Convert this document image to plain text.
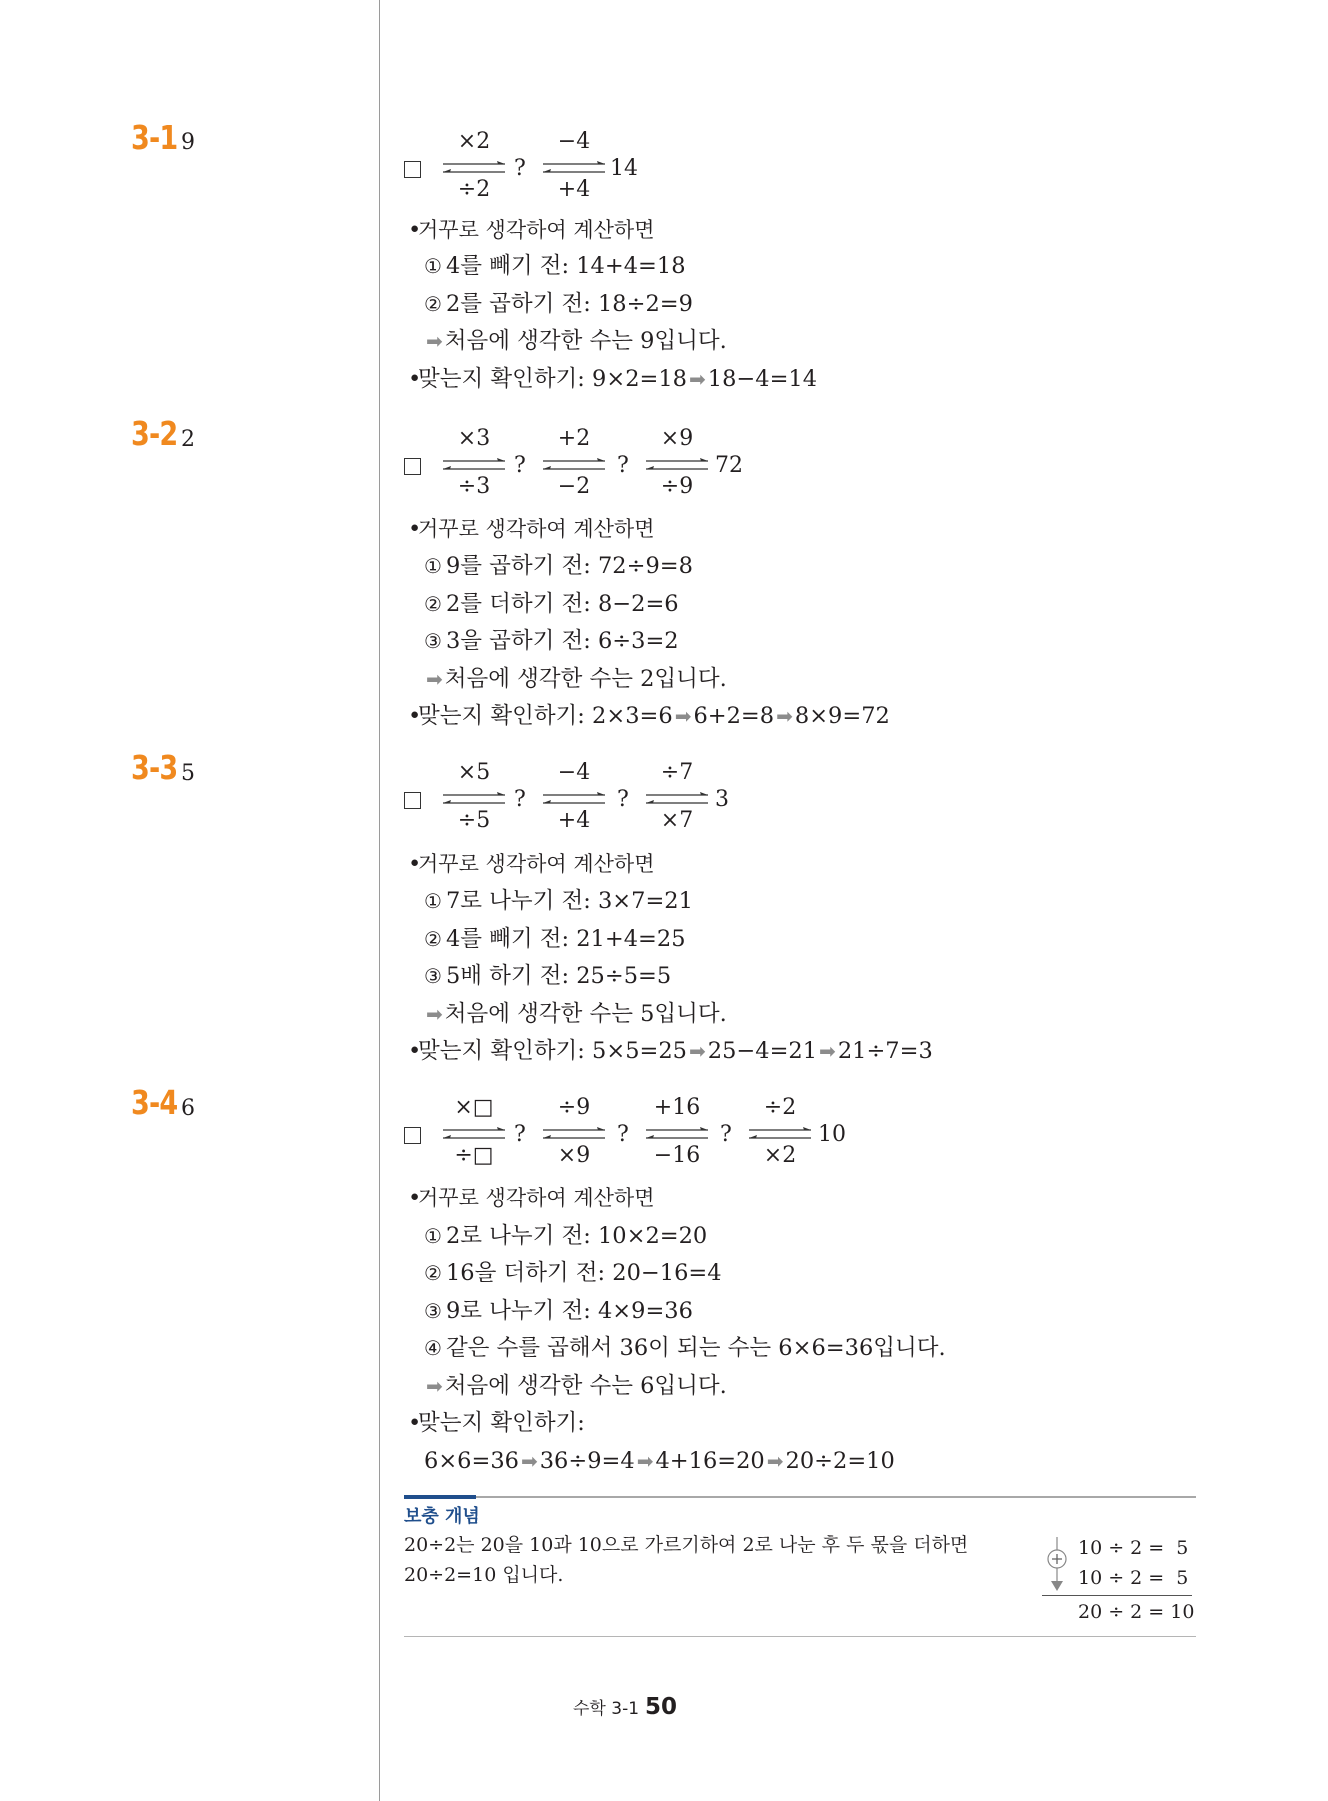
3-1 9	×2
÷2
?
−4
+4
14
•거꾸로 생각하여 계산하면
① 4를 빼기 전: 14+4=18
② 2를 곱하기 전: 18÷2=9
➡처음에 생각한 수는 9입니다.
•맞는지 확인하기: 9×2=18 ➡18−4=14
3-2 2	×3
÷3
?
+2
−2
?
×9
÷9
72
•거꾸로 생각하여 계산하면
① 9를 곱하기 전: 72÷9=8
② 2를 더하기 전: 8−2=6
③ 3을 곱하기 전: 6÷3=2
➡처음에 생각한 수는 2입니다.
•맞는지 확인하기: 2×3=6 ➡6+2=8 ➡8×9=72
3-3 5	×5
÷5
?
−4
+4
?
÷7
×7
3
•거꾸로 생각하여 계산하면
① 7로 나누기 전: 3×7=21
② 4를 빼기 전: 21+4=25
③ 5배 하기 전: 25÷5=5
➡처음에 생각한 수는 5입니다.
•맞는지 확인하기: 5×5=25 ➡25−4=21 ➡21÷7=3
3-4 6	×□
÷□
?
÷9
×9
?
+16
−16
?
÷2
×2
10
•거꾸로 생각하여 계산하면
① 2로 나누기 전: 10×2=20
② 16을 더하기 전: 20−16=4
③ 9로 나누기 전: 4×9=36
④ 같은 수를 곱해서 36이 되는 수는 6×6=36입니다.
➡처음에 생각한 수는 6입니다.
•맞는지 확인하기:
6×6=36 ➡36÷9=4 ➡4+16=20 ➡20÷2=10
보충 개념
20÷2는 20을 10과 10으로 가르기하여 2로 나눈 후 두 몫을 더하면 20÷2=10 입니다.
10 ÷ 2 =  5
10 ÷ 2 =  5
20 ÷ 2 = 10
수학 3-1 50
